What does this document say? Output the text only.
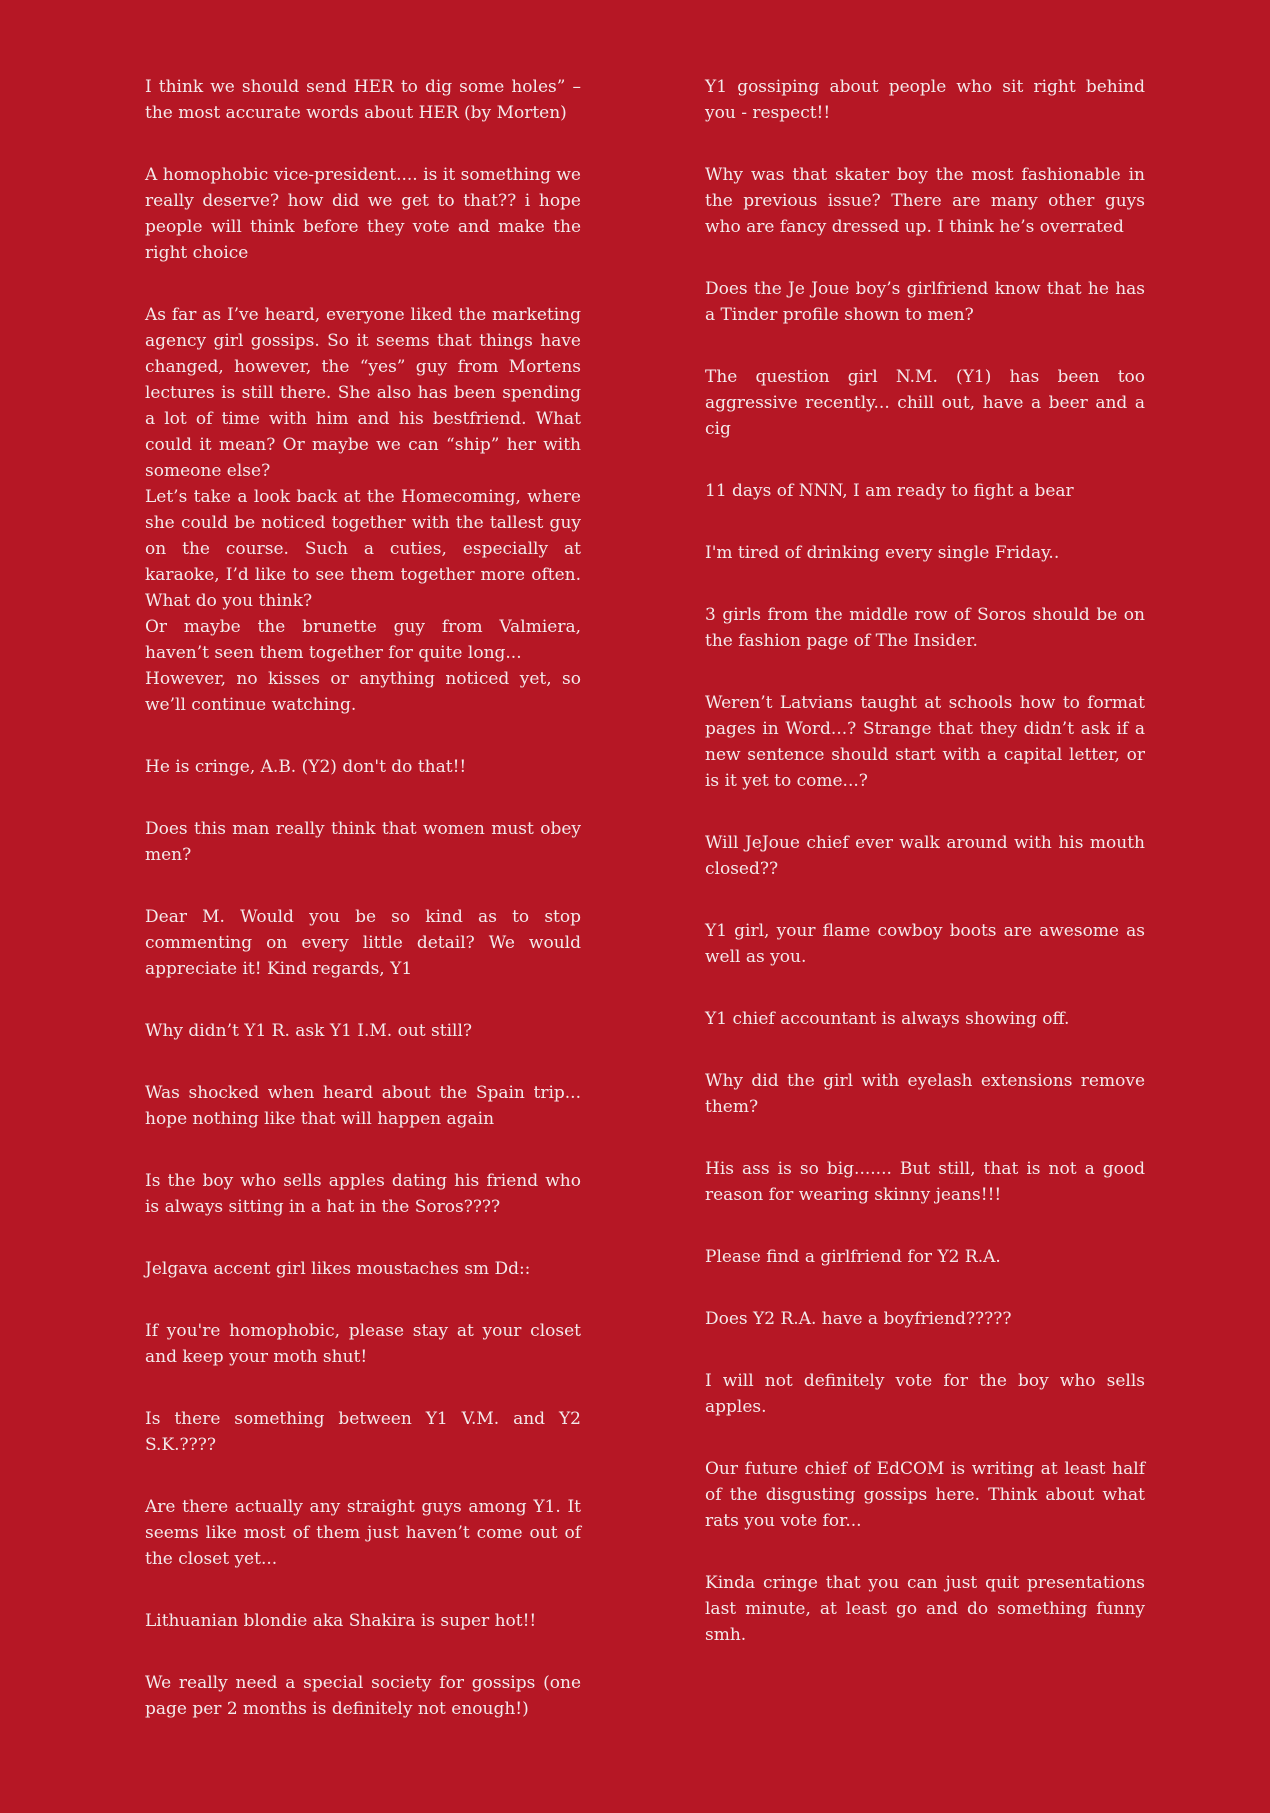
I think we should send HER to dig some holes” – the most accurate words about HER (by Morten)

A homophobic vice-president.... is it something we really deserve? how did we get to that?? i hope people will think before they vote and make the right choice

As far as I’ve heard, everyone liked the marketing agency girl gossips. So it seems that things have changed, however, the “yes” guy from Mortens lectures is still there. She also has been spending a lot of time with him and his bestfriend. What could it mean? Or maybe we can “ship” her with someone else?
Let’s take a look back at the Homecoming, where she could be noticed together with the tallest guy on the course. Such a cuties, especially at karaoke, I’d like to see them together more often. What do you think?
Or maybe the brunette guy from Valmiera, haven’t seen them together for quite long...
However, no kisses or anything noticed yet, so we’ll continue watching.

He is cringe, A.B. (Y2) don't do that!!

Does this man really think that women must obey men?

Dear M. Would you be so kind as to stop commenting on every little detail? We would appreciate it! Kind regards, Y1

Why didn’t Y1 R. ask Y1 I.M. out still?

Was shocked when heard about the Spain trip... hope nothing like that will happen again

Is the boy who sells apples dating his friend who is always sitting in a hat in the Soros????

Jelgava accent girl likes moustaches sm Dd::

If you're homophobic, please stay at your closet and keep your moth shut!

Is there something between Y1 V.M. and Y2 S.K.????

Are there actually any straight guys among Y1. It seems like most of them just haven’t come out of the closet yet...

Lithuanian blondie aka Shakira is super hot!!

We really need a special society for gossips (one page per 2 months is definitely not enough!)

Y1 gossiping about people who sit right behind you - respect!!

Why was that skater boy the most fashionable in the previous issue? There are many other guys who are fancy dressed up. I think he’s overrated

Does the Je Joue boy’s girlfriend know that he has a Tinder profile shown to men?

The question girl N.M. (Y1) has been too aggressive recently... chill out, have a beer and a cig

11 days of NNN, I am ready to fight a bear

I'm tired of drinking every single Friday..

3 girls from the middle row of Soros should be on the fashion page of The Insider.

Weren’t Latvians taught at schools how to format pages in Word...? Strange that they didn’t ask if a new sentence should start with a capital letter, or is it yet to come...?

Will JeJoue chief ever walk around with his mouth closed??

Y1 girl, your flame cowboy boots are awesome as well as you.

Y1 chief accountant is always showing off.

Why did the girl with eyelash extensions remove them?

His ass is so big....... But still, that is not a good reason for wearing skinny jeans!!!

Please find a girlfriend for Y2 R.A.

Does Y2 R.A. have a boyfriend?????

I will not definitely vote for the boy who sells apples.

Our future chief of EdCOM is writing at least half of the disgusting gossips here. Think about what rats you vote for...

Kinda cringe that you can just quit presentations last minute, at least go and do something funny smh.
